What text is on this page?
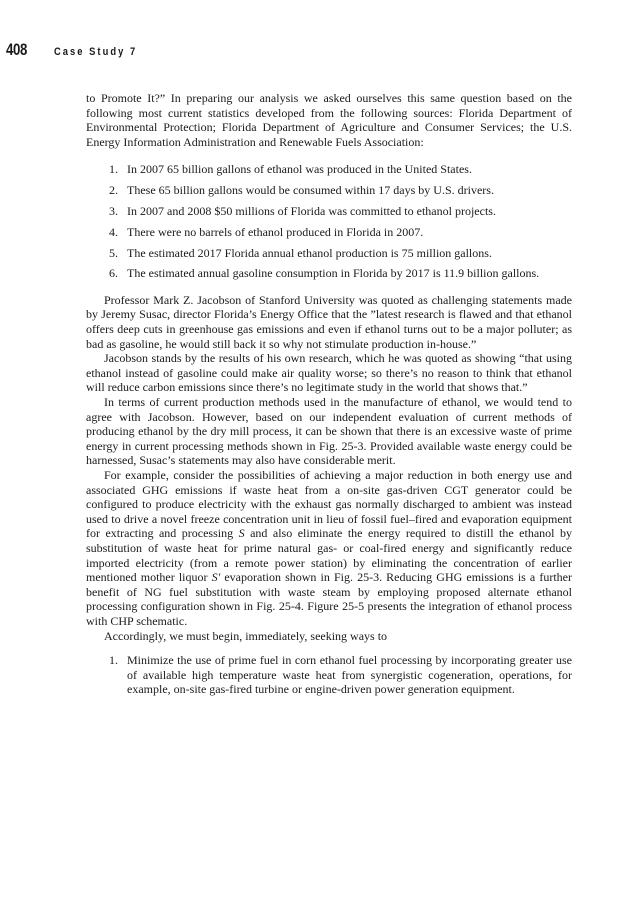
408	Case Study 7

to Promote It?” In preparing our analysis we asked ourselves this same question based on the following most current statistics developed from the following sources: Florida Department of Environmental Protection; Florida Department of Agriculture and Consumer Services; the U.S. Energy Information Administration and Renewable Fuels Association:

1. In 2007 65 billion gallons of ethanol was produced in the United States.
2. These 65 billion gallons would be consumed within 17 days by U.S. drivers.
3. In 2007 and 2008 $50 millions of Florida was committed to ethanol projects.
4. There were no barrels of ethanol produced in Florida in 2007.
5. The estimated 2017 Florida annual ethanol production is 75 million gallons.
6. The estimated annual gasoline consumption in Florida by 2017 is 11.9 billion gallons.

Professor Mark Z. Jacobson of Stanford University was quoted as challenging statements made by Jeremy Susac, director Florida’s Energy Office that the ”latest research is flawed and that ethanol offers deep cuts in greenhouse gas emissions and even if ethanol turns out to be a major polluter; as bad as gasoline, he would still back it so why not stimulate production in-house.”

Jacobson stands by the results of his own research, which he was quoted as showing “that using ethanol instead of gasoline could make air quality worse; so there’s no reason to think that ethanol will reduce carbon emissions since there’s no legitimate study in the world that shows that.”

In terms of current production methods used in the manufacture of ethanol, we would tend to agree with Jacobson. However, based on our independent evaluation of current methods of producing ethanol by the dry mill process, it can be shown that there is an excessive waste of prime energy in current processing methods shown in Fig. 25-3. Provided available waste energy could be harnessed, Susac’s statements may also have considerable merit.

For example, consider the possibilities of achieving a major reduction in both energy use and associated GHG emissions if waste heat from a on-site gas-driven CGT generator could be configured to produce electricity with the exhaust gas normally discharged to ambient was instead used to drive a novel freeze concentration unit in lieu of fossil fuel–fired and evaporation equipment for extracting and processing S and also eliminate the energy required to distill the ethanol by substitution of waste heat for prime natural gas- or coal-fired energy and significantly reduce imported electricity (from a remote power station) by eliminating the concentration of earlier mentioned mother liquor S′ evaporation shown in Fig. 25-3. Reducing GHG emissions is a further benefit of NG fuel substitution with waste steam by employing proposed alternate ethanol processing configuration shown in Fig. 25-4. Figure 25-5 presents the integration of ethanol process with CHP schematic.

Accordingly, we must begin, immediately, seeking ways to

1. Minimize the use of prime fuel in corn ethanol fuel processing by incorporating greater use of available high temperature waste heat from synergistic cogeneration, operations, for example, on-site gas-fired turbine or engine-driven power generation equipment.
